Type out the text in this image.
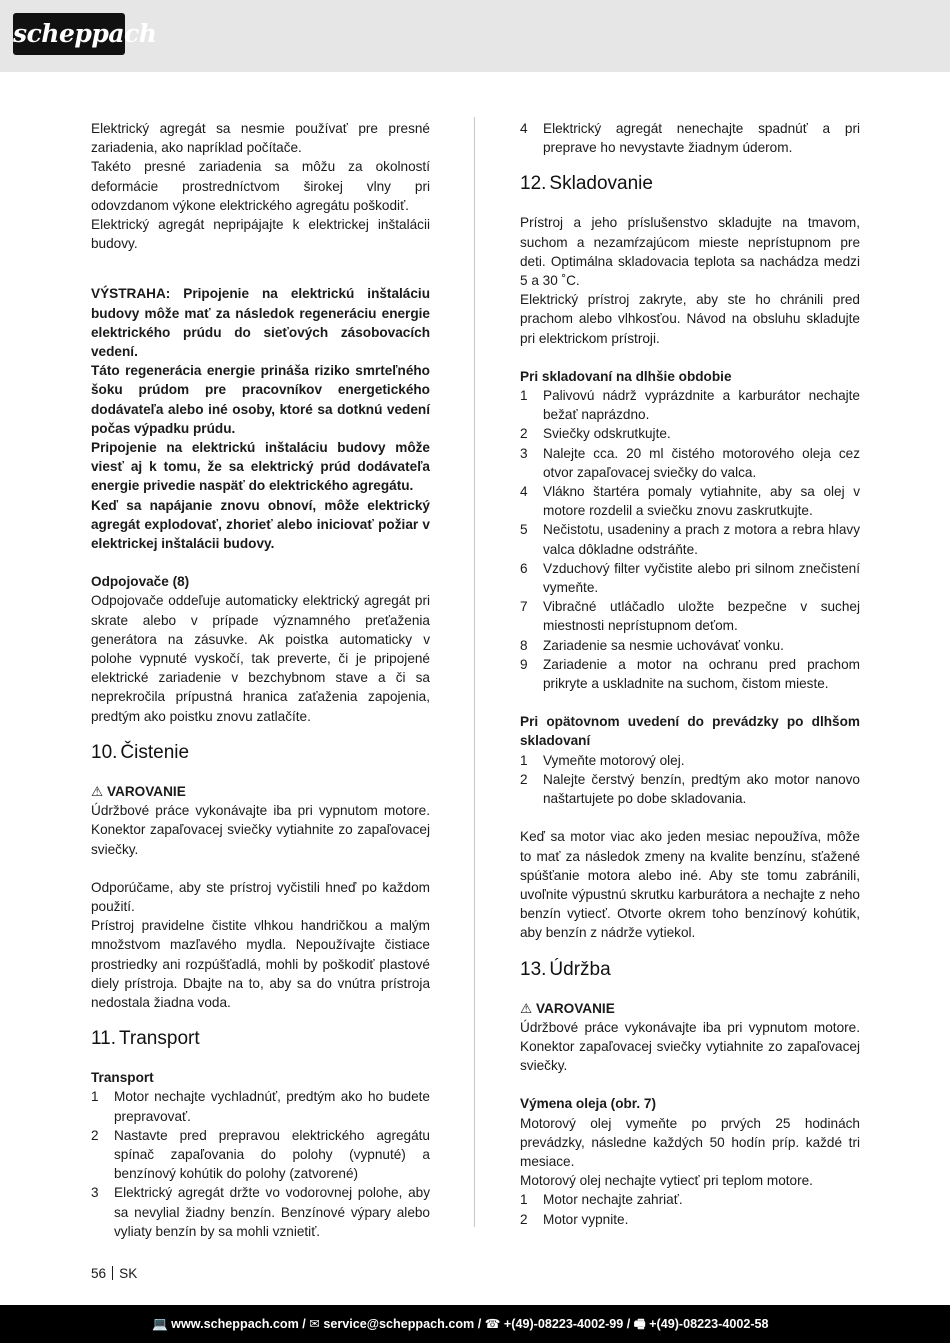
scheppach

Elektrický agregát sa nesmie používať pre presné zariadenia, ako napríklad počítače.

Takéto presné zariadenia sa môžu za okolností deformácie prostredníctvom širokej vlny pri odovzdanom výkone elektrického agregátu poškodiť.

Elektrický agregát nepripájajte k elektrickej inštalácii budovy.

VÝSTRAHA: Pripojenie na elektrickú inštaláciu budovy môže mať za následok regeneráciu energie elektrického prúdu do sieťových zásobovacích vedení.

Táto regenerácia energie prináša riziko smrteľného šoku prúdom pre pracovníkov energetického dodávateľa alebo iné osoby, ktoré sa dotknú vedení počas výpadku prúdu.

Pripojenie na elektrickú inštaláciu budovy môže viesť aj k tomu, že sa elektrický prúd dodávateľa energie privedie naspäť do elektrického agregátu.

Keď sa napájanie znovu obnoví, môže elektrický agregát explodovať, zhorieť alebo iniciovať požiar v elektrickej inštalácii budovy.

Odpojovače (8)

Odpojovače oddeľuje automaticky elektrický agregát pri skrate alebo v prípade významného preťaženia generátora na zásuvke. Ak poistka automaticky v polohe vypnuté vyskočí, tak preverte, či je pripojené elektrické zariadenie v bezchybnom stave a či sa neprekročila prípustná hranica zaťaženia zapojenia, predtým ako poistku znovu zatlačíte.

10. Čistenie

⚠ VAROVANIE

Údržbové práce vykonávajte iba pri vypnutom motore. Konektor zapaľovacej sviečky vytiahnite zo zapaľovacej sviečky.

Odporúčame, aby ste prístroj vyčistili hneď po každom použití.

Prístroj pravidelne čistite vlhkou handričkou a malým množstvom mazľavého mydla. Nepoužívajte čistiace prostriedky ani rozpúšťadlá, mohli by poškodiť plastové diely prístroja. Dbajte na to, aby sa do vnútra prístroja nedostala žiadna voda.

11. Transport

Transport

1 Motor nechajte vychladnúť, predtým ako ho budete prepravovať.
2 Nastavte pred prepravou elektrického agregátu spínač zapaľovania do polohy (vypnuté) a benzínový kohútik do polohy (zatvorené)
3 Elektrický agregát držte vo vodorovnej polohe, aby sa nevylial žiadny benzín. Benzínové výpary alebo vyliaty benzín by sa mohli vznietiť.
4 Elektrický agregát nenechajte spadnúť a pri preprave ho nevystavte žiadnym úderom.
12. Skladovanie

Prístroj a jeho príslušenstvo skladujte na tmavom, suchom a nezamŕzajúcom mieste neprístupnom pre deti. Optimálna skladovacia teplota sa nachádza medzi 5 a 30 ˚C.

Elektrický prístroj zakryte, aby ste ho chránili pred prachom alebo vlhkosťou. Návod na obsluhu skladujte pri elektrickom prístroji.

Pri skladovaní na dlhšie obdobie

1 Palivovú nádrž vyprázdnite a karburátor nechajte bežať naprázdno.
2 Sviečky odskrutkujte.
3 Nalejte cca. 20 ml čistého motorového oleja cez otvor zapaľovacej sviečky do valca.
4 Vlákno štartéra pomaly vytiahnite, aby sa olej v motore rozdelil a sviečku znovu zaskrutkujte.
5 Nečistotu, usadeniny a prach z motora a rebra hlavy valca dôkladne odstráňte.
6 Vzduchový filter vyčistite alebo pri silnom znečistení vymeňte.
7 Vibračné utláčadlo uložte bezpečne v suchej miestnosti neprístupnom deťom.
8 Zariadenie sa nesmie uchovávať vonku.
9 Zariadenie a motor na ochranu pred prachom prikryte a uskladnite na suchom, čistom mieste.

Pri opätovnom uvedení do prevádzky po dlhšom skladovaní

1 Vymeňte motorový olej.
2 Nalejte čerstvý benzín, predtým ako motor nanovo naštartujete po dobe skladovania.

Keď sa motor viac ako jeden mesiac nepoužíva, môže to mať za následok zmeny na kvalite benzínu, sťažené spúšťanie motora alebo iné. Aby ste tomu zabránili, uvoľnite výpustnú skrutku karburátora a nechajte z neho benzín vytiecť. Otvorte okrem toho benzínový kohútik, aby benzín z nádrže vytiekol.

13. Údržba

⚠ VAROVANIE

Údržbové práce vykonávajte iba pri vypnutom motore. Konektor zapaľovacej sviečky vytiahnite zo zapaľovacej sviečky.

Výmena oleja (obr. 7)

Motorový olej vymeňte po prvých 25 hodinách prevádzky, následne každých 50 hodín príp. každé tri mesiace.

Motorový olej nechajte vytiecť pri teplom motore.

1 Motor nechajte zahriať.
2 Motor vypnite.
56 SK
💻 www.scheppach.com / ✉ service@scheppach.com / ☎ +(49)-08223-4002-99 / 🖷 +(49)-08223-4002-58
